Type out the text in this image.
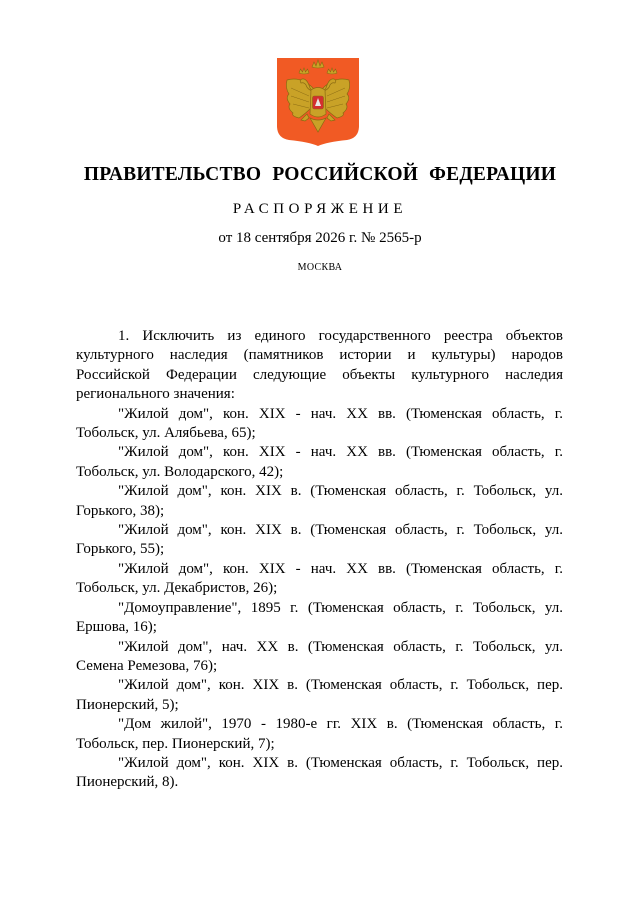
ПРАВИТЕЛЬСТВО РОССИЙСКОЙ ФЕДЕРАЦИИ
РАСПОРЯЖЕНИЕ
от 18 сентября 2026 г. № 2565-р
МОСКВА

1. Исключить из единого государственного реестра объектов культурного наследия (памятников истории и культуры) народов Российской Федерации следующие объекты культурного наследия регионального значения:

"Жилой дом", кон. XIX - нач. XX вв. (Тюменская область, г. Тобольск, ул. Алябьева, 65);

"Жилой дом", кон. XIX - нач. XX вв. (Тюменская область, г. Тобольск, ул. Володарского, 42);

"Жилой дом", кон. XIX в. (Тюменская область, г. Тобольск, ул. Горького, 38);

"Жилой дом", кон. XIX в. (Тюменская область, г. Тобольск, ул. Горького, 55);

"Жилой дом", кон. XIX - нач. XX вв. (Тюменская область, г. Тобольск, ул. Декабристов, 26);

"Домоуправление", 1895 г. (Тюменская область, г. Тобольск, ул. Ершова, 16);

"Жилой дом", нач. XX в. (Тюменская область, г. Тобольск, ул. Семена Ремезова, 76);

"Жилой дом", кон. XIX в. (Тюменская область, г. Тобольск, пер. Пионерский, 5);

"Дом жилой", 1970 - 1980-е гг. XIX в. (Тюменская область, г. Тобольск, пер. Пионерский, 7);

"Жилой дом", кон. XIX в. (Тюменская область, г. Тобольск, пер. Пионерский, 8).
